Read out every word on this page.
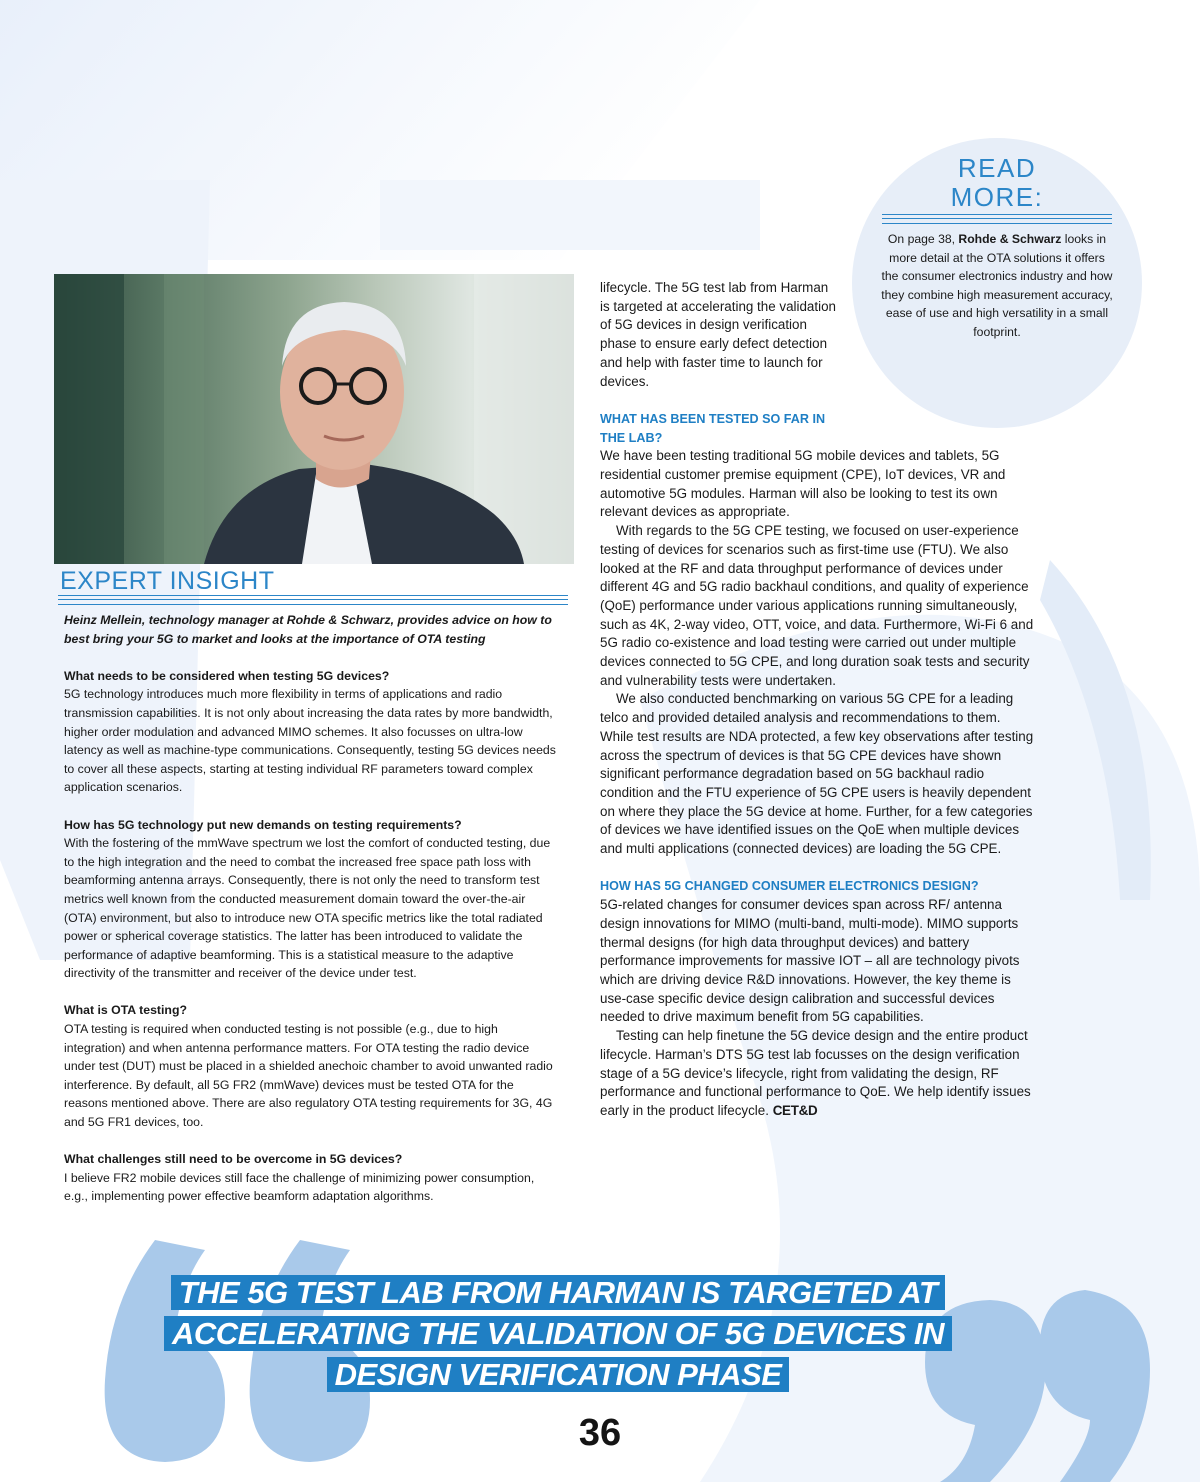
EXPERT INSIGHT

Heinz Mellein, technology manager at Rohde & Schwarz, provides advice on how to best bring your 5G to market and looks at the importance of OTA testing

What needs to be considered when testing 5G devices?

5G technology introduces much more flexibility in terms of applications and radio transmission capabilities. It is not only about increasing the data rates by more bandwidth, higher order modulation and advanced MIMO schemes. It also focusses on ultra-low latency as well as machine-type communications. Consequently, testing 5G devices needs to cover all these aspects, starting at testing individual RF parameters toward complex application scenarios.

How has 5G technology put new demands on testing requirements?

With the fostering of the mmWave spectrum we lost the comfort of conducted testing, due to the high integration and the need to combat the increased free space path loss with beamforming antenna arrays. Consequently, there is not only the need to transform test metrics well known from the conducted measurement domain toward the over-the-air (OTA) environment, but also to introduce new OTA specific metrics like the total radiated power or spherical coverage statistics. The latter has been introduced to validate the performance of adaptive beamforming. This is a statistical measure to the adaptive directivity of the transmitter and receiver of the device under test.

What is OTA testing?

OTA testing is required when conducted testing is not possible (e.g., due to high integration) and when antenna performance matters. For OTA testing the radio device under test (DUT) must be placed in a shielded anechoic chamber to avoid unwanted radio interference. By default, all 5G FR2 (mmWave) devices must be tested OTA for the reasons mentioned above. There are also regulatory OTA testing requirements for 3G, 4G and 5G FR1 devices, too.

What challenges still need to be overcome in 5G devices?

I believe FR2 mobile devices still face the challenge of minimizing power consumption, e.g., implementing power effective beamform adaptation algorithms.

lifecycle. The 5G test lab from Harman is targeted at accelerating the validation of 5G devices in design verification phase to ensure early defect detection and help with faster time to launch for devices.

WHAT HAS BEEN TESTED SO FAR IN THE LAB?

We have been testing traditional 5G mobile devices and tablets, 5G residential customer premise equipment (CPE), IoT devices, VR and automotive 5G modules. Harman will also be looking to test its own relevant devices as appropriate.

With regards to the 5G CPE testing, we focused on user-experience testing of devices for scenarios such as first-time use (FTU). We also looked at the RF and data throughput performance of devices under different 4G and 5G radio backhaul conditions, and quality of experience (QoE) performance under various applications running simultaneously, such as 4K, 2-way video, OTT, voice, and data. Furthermore, Wi-Fi 6 and 5G radio co-existence and load testing were carried out under multiple devices connected to 5G CPE, and long duration soak tests and security and vulnerability tests were undertaken.

We also conducted benchmarking on various 5G CPE for a leading telco and provided detailed analysis and recommendations to them. While test results are NDA protected, a few key observations after testing across the spectrum of devices is that 5G CPE devices have shown significant performance degradation based on 5G backhaul radio condition and the FTU experience of 5G CPE users is heavily dependent on where they place the 5G device at home. Further, for a few categories of devices we have identified issues on the QoE when multiple devices and multi applications (connected devices) are loading the 5G CPE.

HOW HAS 5G CHANGED CONSUMER ELECTRONICS DESIGN?

5G-related changes for consumer devices span across RF/ antenna design innovations for MIMO (multi-band, multi-mode). MIMO supports thermal designs (for high data throughput devices) and battery performance improvements for massive IOT – all are technology pivots which are driving device R&D innovations. However, the key theme is use-case specific device design calibration and successful devices needed to drive maximum benefit from 5G capabilities.

Testing can help finetune the 5G device design and the entire product lifecycle. Harman’s DTS 5G test lab focusses on the design verification stage of a 5G device’s lifecycle, right from validating the design, RF performance and functional performance to QoE. We help identify issues early in the product lifecycle. CET&D

READ
MORE:
On page 38, Rohde & Schwarz looks in more detail at the OTA solutions it offers the consumer electronics industry and how they combine high measurement accuracy, ease of use and high versatility in a small footprint.
THE 5G TEST LAB FROM HARMAN IS TARGETED AT ACCELERATING THE VALIDATION OF 5G DEVICES IN DESIGN VERIFICATION PHASE
36
